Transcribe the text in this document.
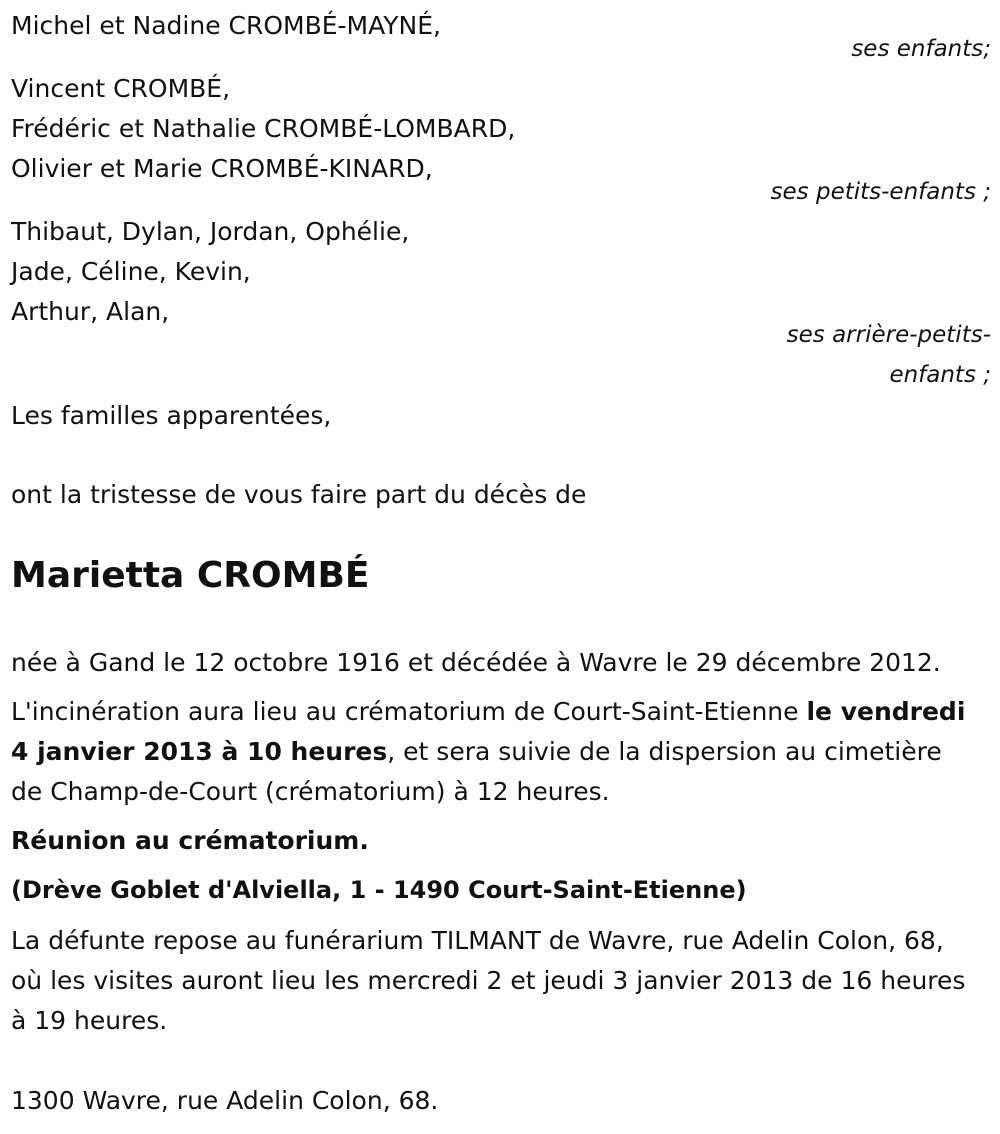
Michel et Nadine CROMBÉ-MAYNÉ,
ses enfants;
Vincent CROMBÉ,
Frédéric et Nathalie CROMBÉ-LOMBARD,
Olivier et Marie CROMBÉ-KINARD,
ses petits-enfants ;
Thibaut, Dylan, Jordan, Ophélie,
Jade, Céline, Kevin,
Arthur, Alan,
ses arrière-petits-
enfants ;
Les familles apparentées,
ont la tristesse de vous faire part du décès de
Marietta CROMBÉ
née à Gand le 12 octobre 1916 et décédée à Wavre le 29 décembre 2012.
L'incinération aura lieu au crématorium de Court-Saint-Etienne le vendredi 4 janvier 2013 à 10 heures, et sera suivie de la dispersion au cimetière de Champ-de-Court (crématorium) à 12 heures.
Réunion au crématorium.
(Drève Goblet d'Alviella, 1 - 1490 Court-Saint-Etienne)
La défunte repose au funérarium TILMANT de Wavre, rue Adelin Colon, 68, où les visites auront lieu les mercredi 2 et jeudi 3 janvier 2013 de 16 heures à 19 heures.
1300 Wavre, rue Adelin Colon, 68.
